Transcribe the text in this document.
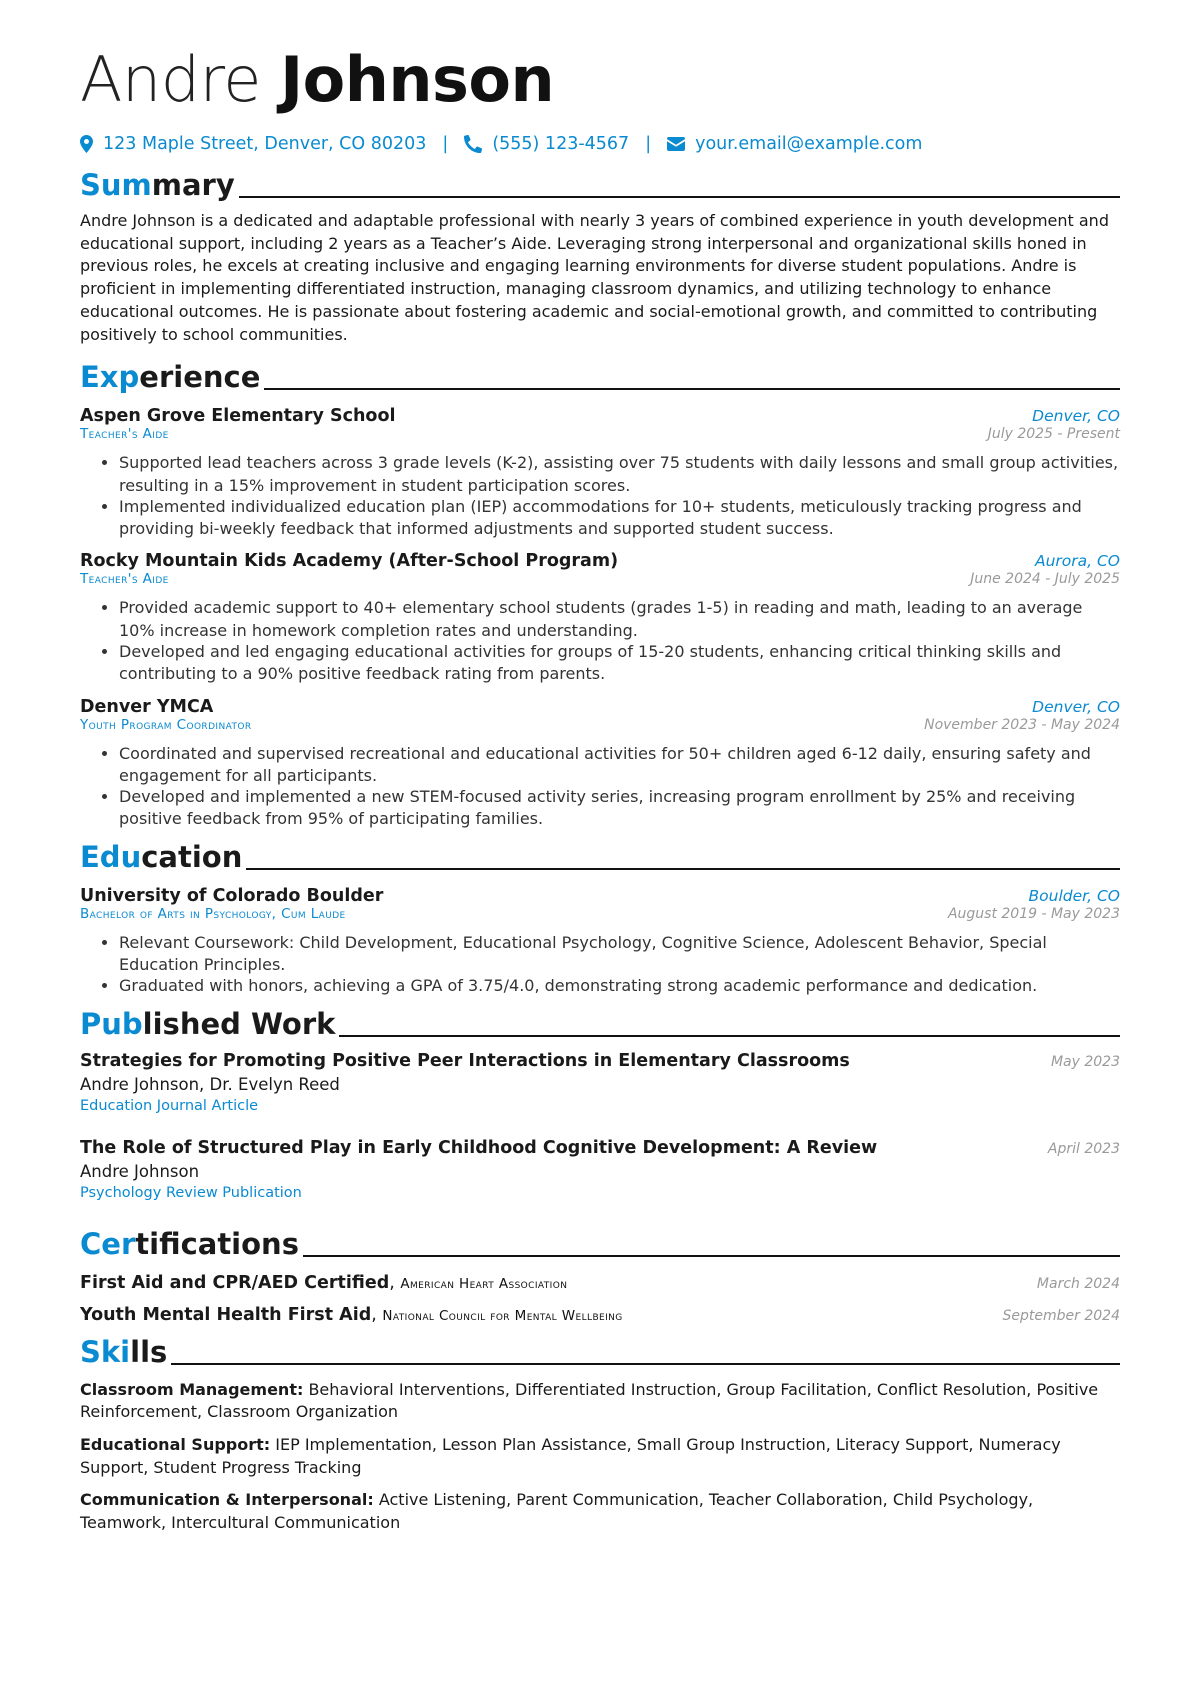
Andre Johnson
123 Maple Street, Denver, CO 80203 |	(555) 123-4567 |	your.email@example.com
Summary
Andre Johnson is a dedicated and adaptable professional with nearly 3 years of combined experience in youth development and educational support, including 2 years as a Teacher’s Aide. Leveraging strong interpersonal and organizational skills honed in previous roles, he excels at creating inclusive and engaging learning environments for diverse student populations. Andre is proficient in implementing differentiated instruction, managing classroom dynamics, and utilizing technology to enhance educational outcomes. He is passionate about fostering academic and social-emotional growth, and committed to contributing positively to school communities.
Experience
Aspen Grove Elementary School	Denver, CO
Teacher's Aide	July 2025 - Present
• Supported lead teachers across 3 grade levels (K-2), assisting over 75 students with daily lessons and small group activities, resulting in a 15% improvement in student participation scores.
• Implemented individualized education plan (IEP) accommodations for 10+ students, meticulously tracking progress and providing bi-weekly feedback that informed adjustments and supported student success.
Rocky Mountain Kids Academy (After-School Program)	Aurora, CO
Teacher's Aide	June 2024 - July 2025
• Provided academic support to 40+ elementary school students (grades 1-5) in reading and math, leading to an average 10% increase in homework completion rates and understanding.
• Developed and led engaging educational activities for groups of 15-20 students, enhancing critical thinking skills and contributing to a 90% positive feedback rating from parents.
Denver YMCA	Denver, CO
Youth Program Coordinator	November 2023 - May 2024
• Coordinated and supervised recreational and educational activities for 50+ children aged 6-12 daily, ensuring safety and engagement for all participants.
• Developed and implemented a new STEM-focused activity series, increasing program enrollment by 25% and receiving positive feedback from 95% of participating families.
Education
University of Colorado Boulder	Boulder, CO
Bachelor of Arts in Psychology, Cum Laude	August 2019 - May 2023
• Relevant Coursework: Child Development, Educational Psychology, Cognitive Science, Adolescent Behavior, Special Education Principles.
• Graduated with honors, achieving a GPA of 3.75/4.0, demonstrating strong academic performance and dedication.
Published Work
Strategies for Promoting Positive Peer Interactions in Elementary Classrooms	May 2023
Andre Johnson, Dr. Evelyn Reed
Education Journal Article
The Role of Structured Play in Early Childhood Cognitive Development: A Review	April 2023
Andre Johnson
Psychology Review Publication
Certifications
First Aid and CPR/AED Certified, American Heart Association	March 2024
Youth Mental Health First Aid, National Council for Mental Wellbeing	September 2024
Skills
Classroom Management: Behavioral Interventions, Differentiated Instruction, Group Facilitation, Conflict Resolution, Positive Reinforcement, Classroom Organization
Educational Support: IEP Implementation, Lesson Plan Assistance, Small Group Instruction, Literacy Support, Numeracy Support, Student Progress Tracking
Communication & Interpersonal: Active Listening, Parent Communication, Teacher Collaboration, Child Psychology, Teamwork, Intercultural Communication
